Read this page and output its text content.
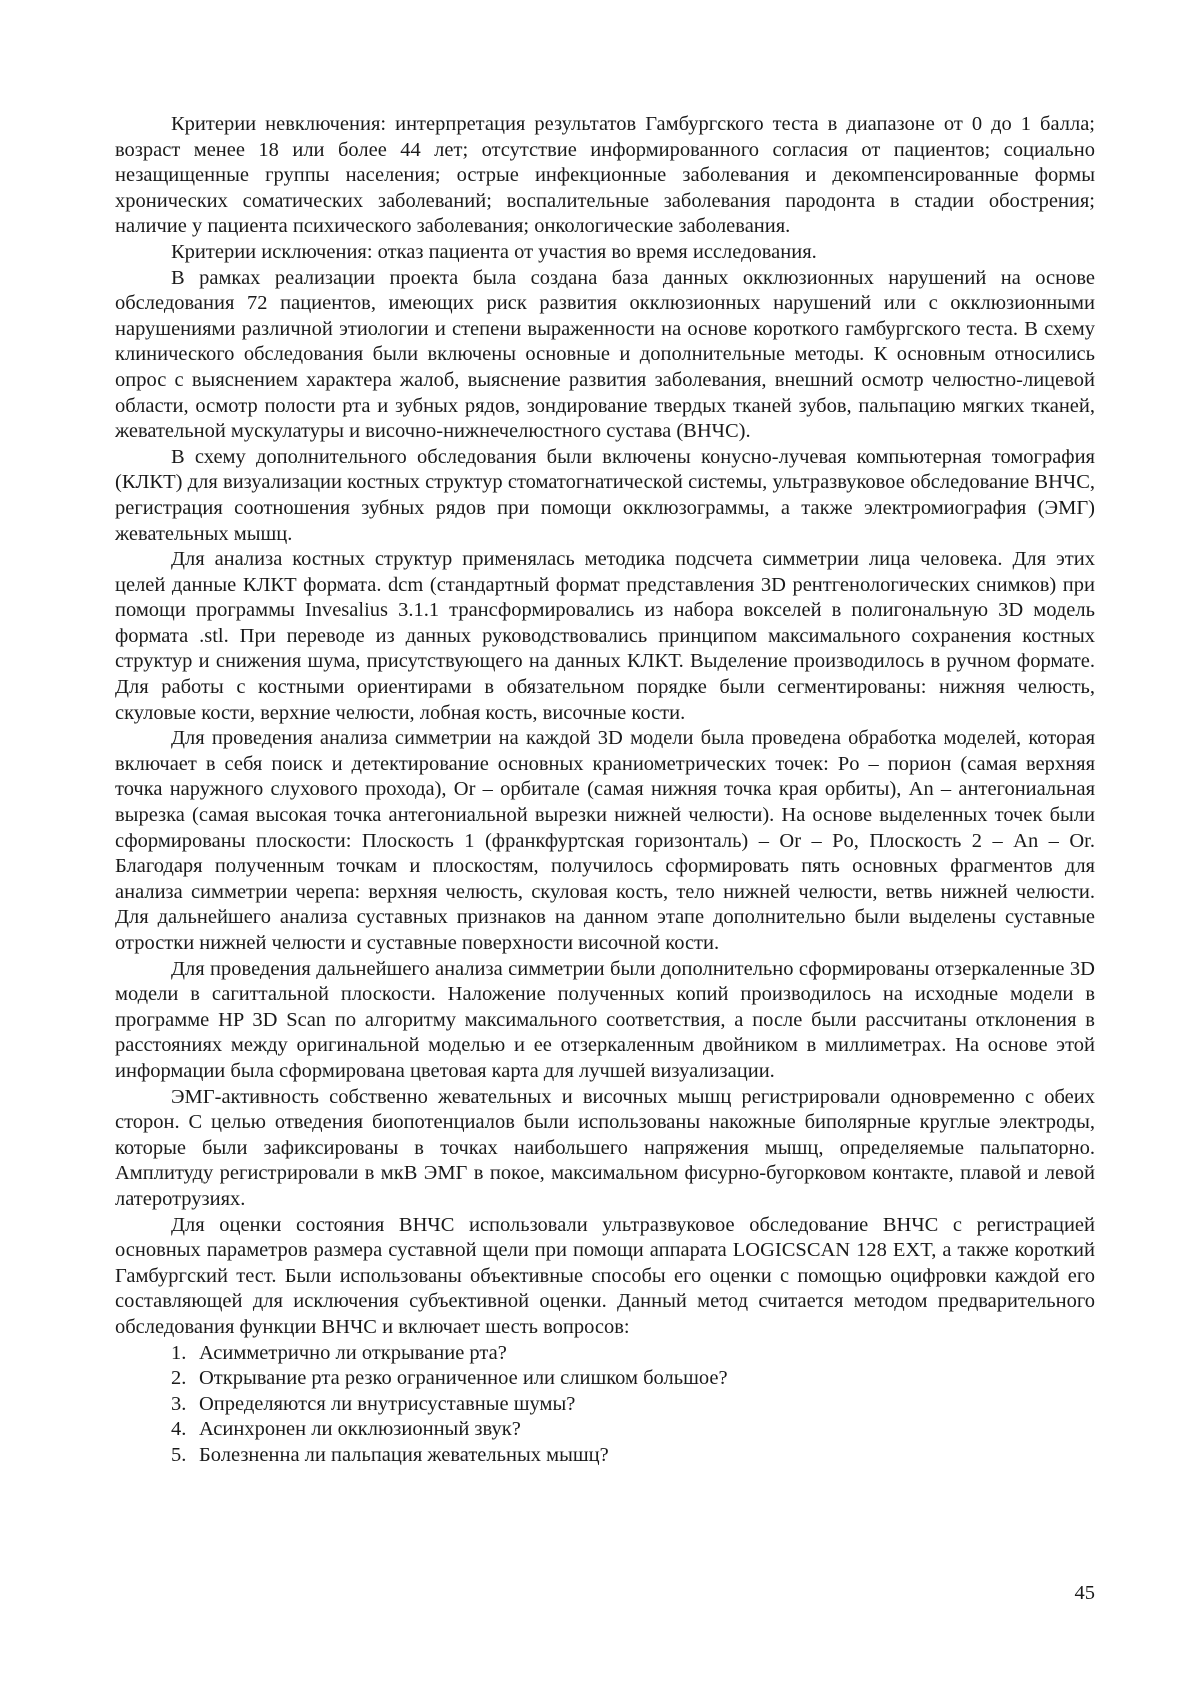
Критерии невключения: интерпретация результатов Гамбургского теста в диапазоне от 0 до 1 балла; возраст менее 18 или более 44 лет; отсутствие информированного согласия от пациентов; социально незащищенные группы населения; острые инфекционные заболевания и декомпенсированные формы хронических соматических заболеваний; воспалительные заболевания пародонта в стадии обострения; наличие у пациента психического заболевания; онкологические заболевания.

Критерии исключения: отказ пациента от участия во время исследования.

В рамках реализации проекта была создана база данных окклюзионных нарушений на основе обследования 72 пациентов, имеющих риск развития окклюзионных нарушений или с окклюзионными нарушениями различной этиологии и степени выраженности на основе короткого гамбургского теста. В схему клинического обследования были включены основные и дополнительные методы. К основным относились опрос с выяснением характера жалоб, выяснение развития заболевания, внешний осмотр челюстно-лицевой области, осмотр полости рта и зубных рядов, зондирование твердых тканей зубов, пальпацию мягких тканей, жевательной мускулатуры и височно-нижнечелюстного сустава (ВНЧС).

В схему дополнительного обследования были включены конусно-лучевая компьютерная томография (КЛКТ) для визуализации костных структур стоматогнатической системы, ультразвуковое обследование ВНЧС, регистрация соотношения зубных рядов при помощи окклюзограммы, а также электромиография (ЭМГ) жевательных мышц.

Для анализа костных структур применялась методика подсчета симметрии лица человека. Для этих целей данные КЛКТ формата. dcm (стандартный формат представления 3D рентгенологических снимков) при помощи программы Invesalius 3.1.1 трансформировались из набора вокселей в полигональную 3D модель формата .stl. При переводе из данных руководствовались принципом максимального сохранения костных структур и снижения шума, присутствующего на данных КЛКТ. Выделение производилось в ручном формате. Для работы с костными ориентирами в обязательном порядке были сегментированы: нижняя челюсть, скуловые кости, верхние челюсти, лобная кость, височные кости.

Для проведения анализа симметрии на каждой 3D модели была проведена обработка моделей, которая включает в себя поиск и детектирование основных краниометрических точек: Po – порион (самая верхняя точка наружного слухового прохода), Or – орбитале (самая нижняя точка края орбиты), An – антегониальная вырезка (самая высокая точка антегониальной вырезки нижней челюсти). На основе выделенных точек были сформированы плоскости: Плоскость 1 (франкфуртская горизонталь) – Or – Po, Плоскость 2 – An – Or. Благодаря полученным точкам и плоскостям, получилось сформировать пять основных фрагментов для анализа симметрии черепа: верхняя челюсть, скуловая кость, тело нижней челюсти, ветвь нижней челюсти. Для дальнейшего анализа суставных признаков на данном этапе дополнительно были выделены суставные отростки нижней челюсти и суставные поверхности височной кости.

Для проведения дальнейшего анализа симметрии были дополнительно сформированы отзеркаленные 3D модели в сагиттальной плоскости. Наложение полученных копий производилось на исходные модели в программе HP 3D Scan по алгоритму максимального соответствия, а после были рассчитаны отклонения в расстояниях между оригинальной моделью и ее отзеркаленным двойником в миллиметрах. На основе этой информации была сформирована цветовая карта для лучшей визуализации.

ЭМГ-активность собственно жевательных и височных мышц регистрировали одновременно с обеих сторон. С целью отведения биопотенциалов были использованы накожные биполярные круглые электроды, которые были зафиксированы в точках наибольшего напряжения мышц, определяемые пальпаторно. Амплитуду регистрировали в мкВ ЭМГ в покое, максимальном фисурно-бугорковом контакте, плавой и левой латеротрузиях.

Для оценки состояния ВНЧС использовали ультразвуковое обследование ВНЧС с регистрацией основных параметров размера суставной щели при помощи аппарата LOGICSCAN 128 EXT, а также короткий Гамбургский тест. Были использованы объективные способы его оценки с помощью оцифровки каждой его составляющей для исключения субъективной оценки. Данный метод считается методом предварительного обследования функции ВНЧС и включает шесть вопросов:

1. Асимметрично ли открывание рта?
2. Открывание рта резко ограниченное или слишком большое?
3. Определяются ли внутрисуставные шумы?
4. Асинхронен ли окклюзионный звук?
5. Болезненна ли пальпация жевательных мышц?
45
